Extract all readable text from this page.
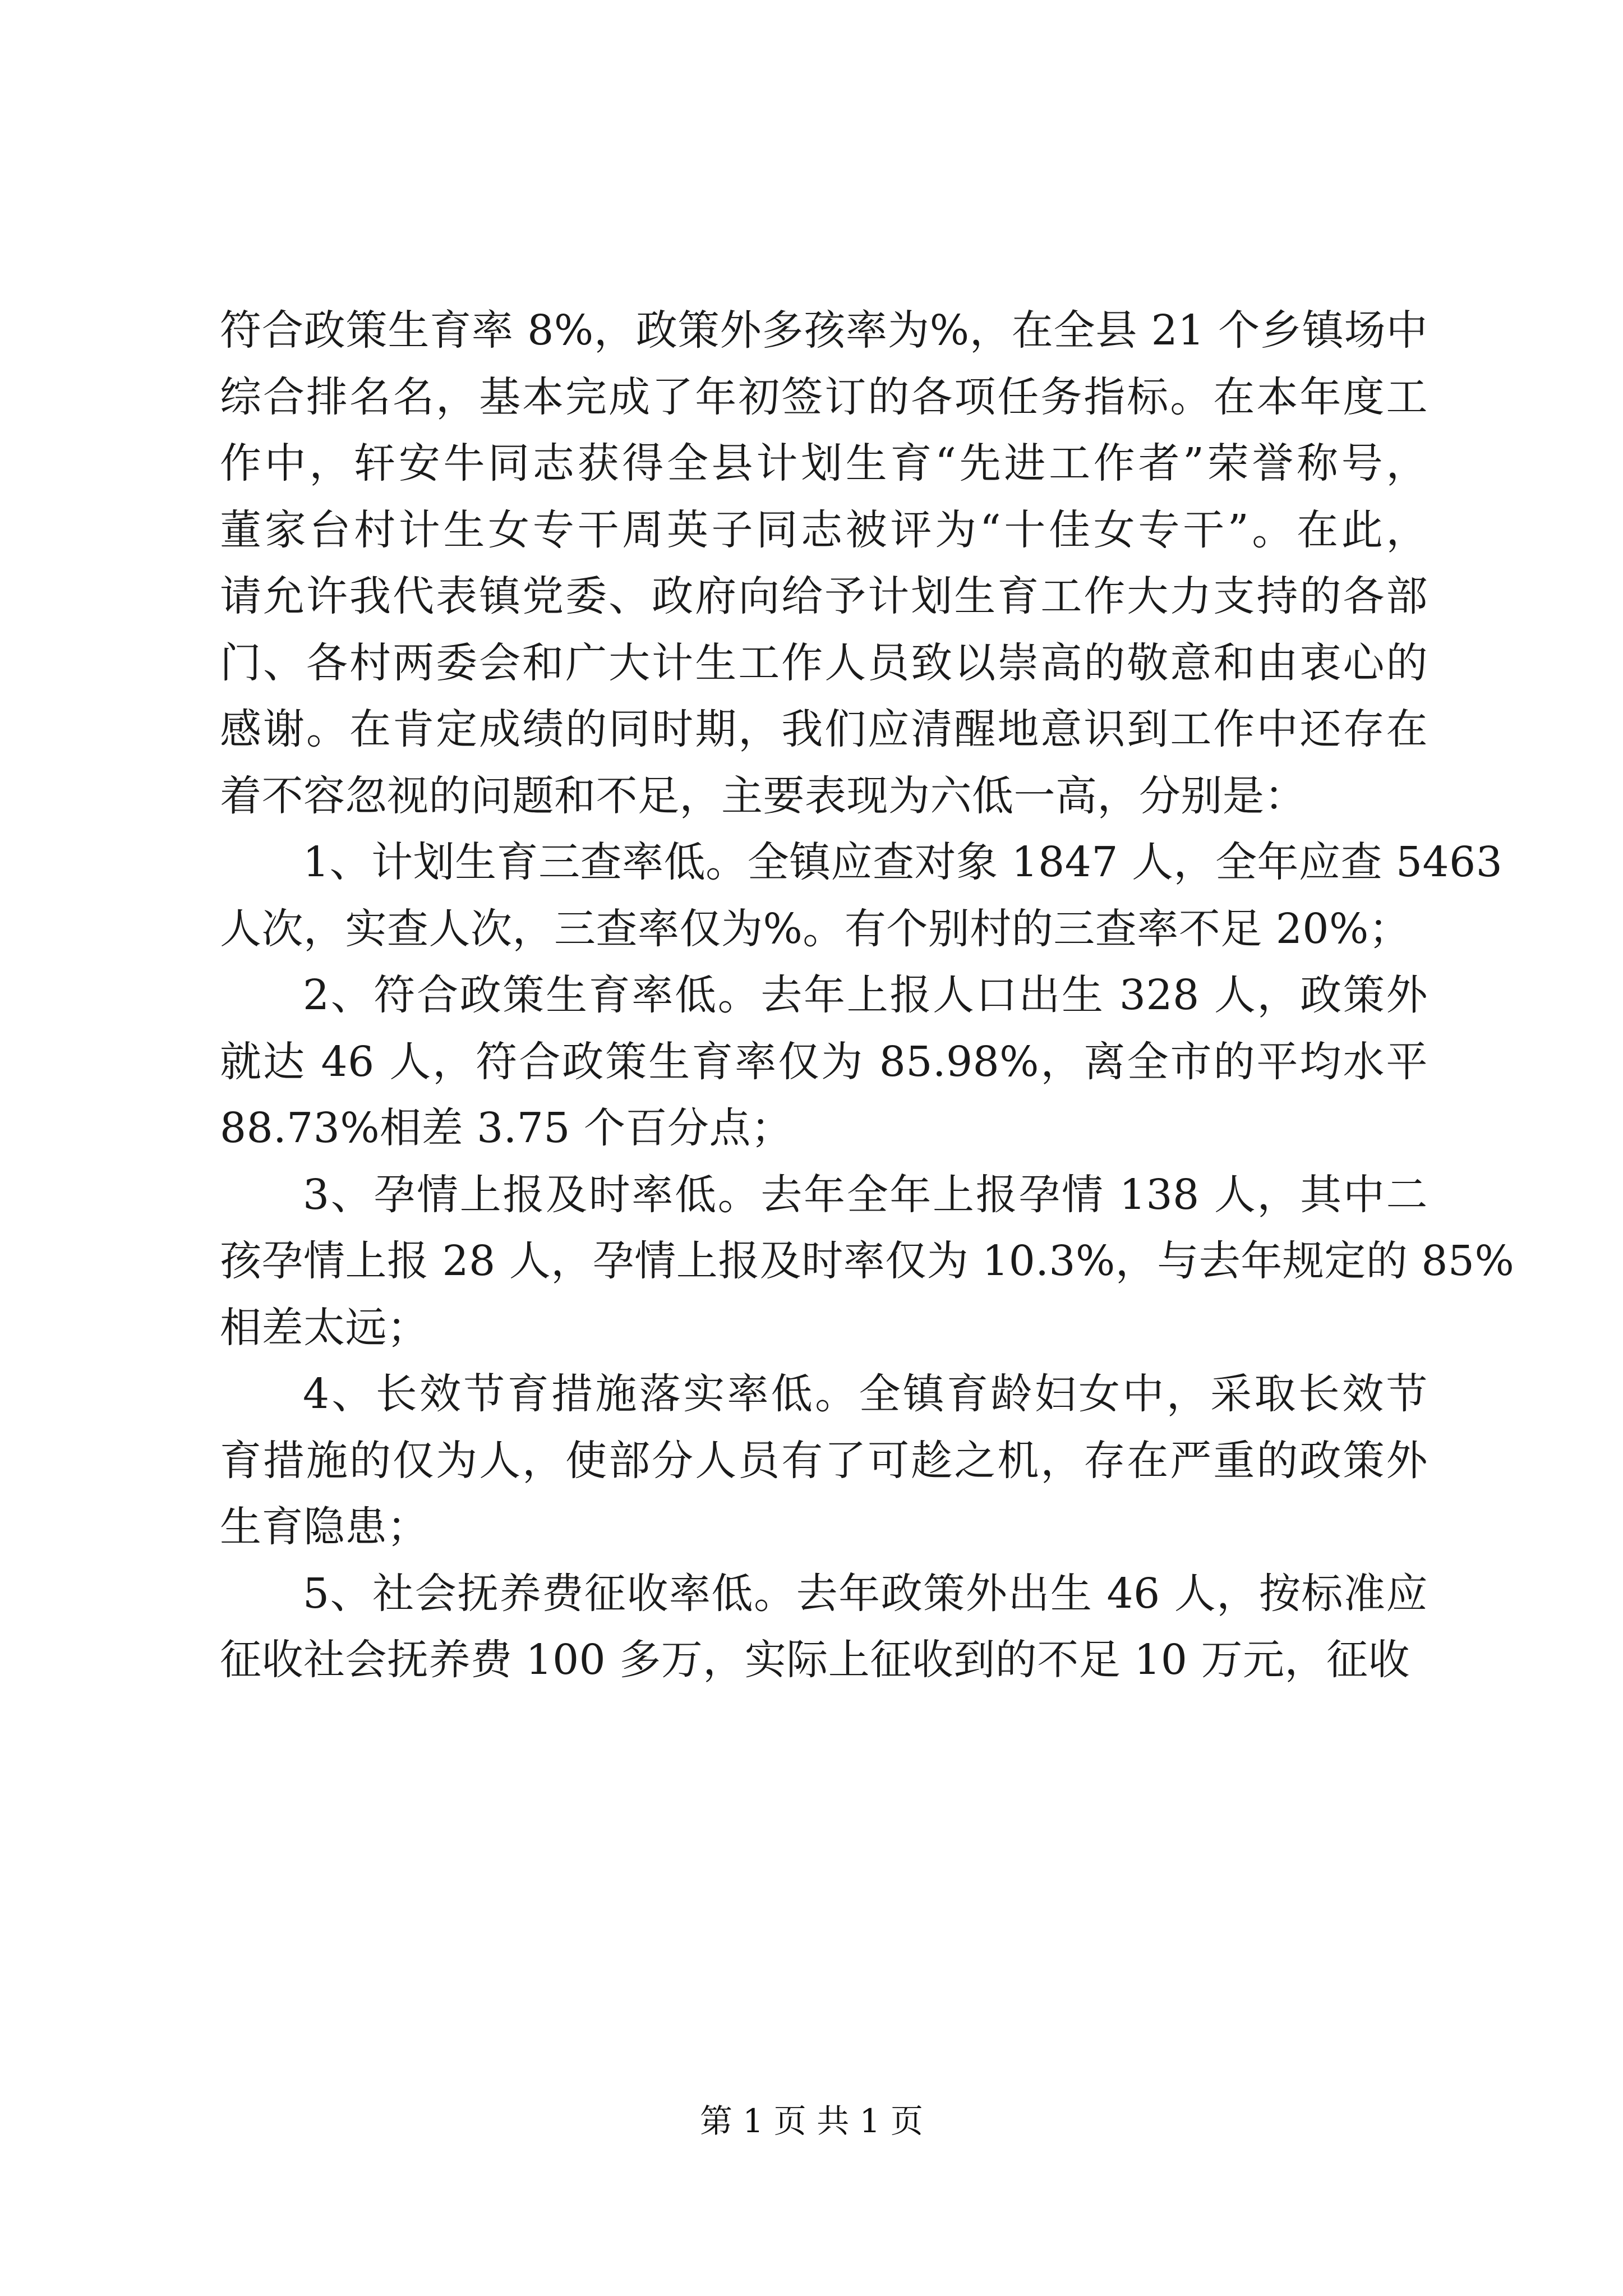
符合政策生育率 8%，政策外多孩率为%，在全县 21 个乡镇场中
综合排名名，基本完成了年初签订的各项任务指标。在本年度工
作中，轩安牛同志获得全县计划生育“先进工作者”荣誉称号，
董家台村计生女专干周英子同志被评为“十佳女专干”。在此，
请允许我代表镇党委、政府向给予计划生育工作大力支持的各部
门、各村两委会和广大计生工作人员致以崇高的敬意和由衷心的
感谢。在肯定成绩的同时期，我们应清醒地意识到工作中还存在
着不容忽视的问题和不足，主要表现为六低一高，分别是：

1、计划生育三查率低。全镇应查对象 1847 人，全年应查 5463
人次，实查人次，三查率仅为%。有个别村的三查率不足 20%；

2、符合政策生育率低。去年上报人口出生 328 人，政策外
就达 46 人，符合政策生育率仅为 85.98%，离全市的平均水平
88.73%相差 3.75 个百分点；

3、孕情上报及时率低。去年全年上报孕情 138 人，其中二
孩孕情上报 28 人，孕情上报及时率仅为 10.3%，与去年规定的 85%
相差太远；

4、长效节育措施落实率低。全镇育龄妇女中，采取长效节
育措施的仅为人，使部分人员有了可趁之机，存在严重的政策外
生育隐患；

5、社会抚养费征收率低。去年政策外出生 46 人，按标准应
征收社会抚养费 100 多万，实际上征收到的不足 10 万元，征收

第 1 页 共 1 页
